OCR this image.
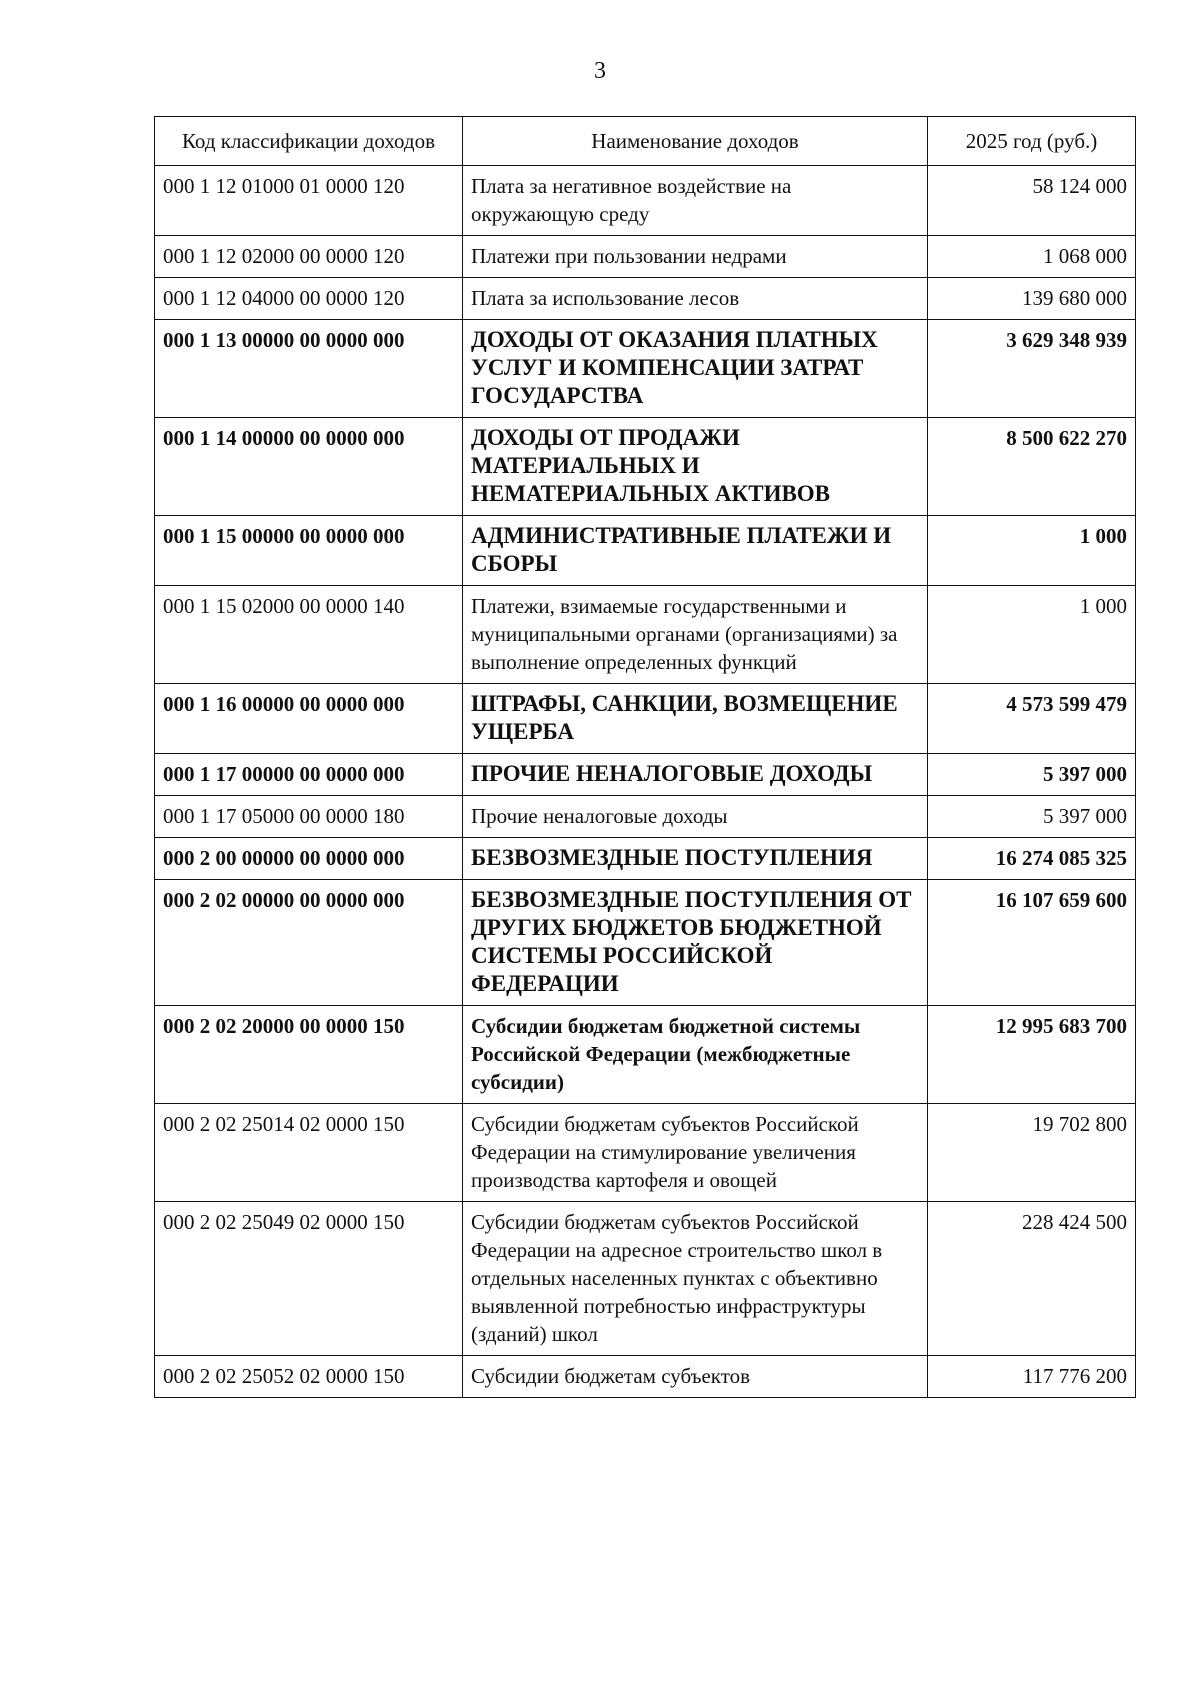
3
Код классификации доходов	Наименование доходов	2025 год (руб.)
000 1 12 01000 01 0000 120	Плата за негативное воздействие на окружающую среду	58 124 000
000 1 12 02000 00 0000 120	Платежи при пользовании недрами	1 068 000
000 1 12 04000 00 0000 120	Плата за использование лесов	139 680 000
000 1 13 00000 00 0000 000	ДОХОДЫ ОТ ОКАЗАНИЯ ПЛАТНЫХ УСЛУГ И КОМПЕНСАЦИИ ЗАТРАТ ГОСУДАРСТВА	3 629 348 939
000 1 14 00000 00 0000 000	ДОХОДЫ ОТ ПРОДАЖИ МАТЕРИАЛЬНЫХ И НЕМАТЕРИАЛЬНЫХ АКТИВОВ	8 500 622 270
000 1 15 00000 00 0000 000	АДМИНИСТРАТИВНЫЕ ПЛАТЕЖИ И СБОРЫ	1 000
000 1 15 02000 00 0000 140	Платежи, взимаемые государственными и муниципальными органами (организациями) за выполнение определенных функций	1 000
000 1 16 00000 00 0000 000	ШТРАФЫ, САНКЦИИ, ВОЗМЕЩЕНИЕ УЩЕРБА	4 573 599 479
000 1 17 00000 00 0000 000	ПРОЧИЕ НЕНАЛОГОВЫЕ ДОХОДЫ	5 397 000
000 1 17 05000 00 0000 180	Прочие неналоговые доходы	5 397 000
000 2 00 00000 00 0000 000	БЕЗВОЗМЕЗДНЫЕ ПОСТУПЛЕНИЯ	16 274 085 325
000 2 02 00000 00 0000 000	БЕЗВОЗМЕЗДНЫЕ ПОСТУПЛЕНИЯ ОТ ДРУГИХ БЮДЖЕТОВ БЮДЖЕТНОЙ СИСТЕМЫ РОССИЙСКОЙ ФЕДЕРАЦИИ	16 107 659 600
000 2 02 20000 00 0000 150	Субсидии бюджетам бюджетной системы Российской Федерации (межбюджетные субсидии)	12 995 683 700
000 2 02 25014 02 0000 150	Субсидии бюджетам субъектов Российской Федерации на стимулирование увеличения производства картофеля и овощей	19 702 800
000 2 02 25049 02 0000 150	Субсидии бюджетам субъектов Российской Федерации на адресное строительство школ в отдельных населенных пунктах с объективно выявленной потребностью инфраструктуры (зданий) школ	228 424 500
000 2 02 25052 02 0000 150	Субсидии бюджетам субъектов	117 776 200
